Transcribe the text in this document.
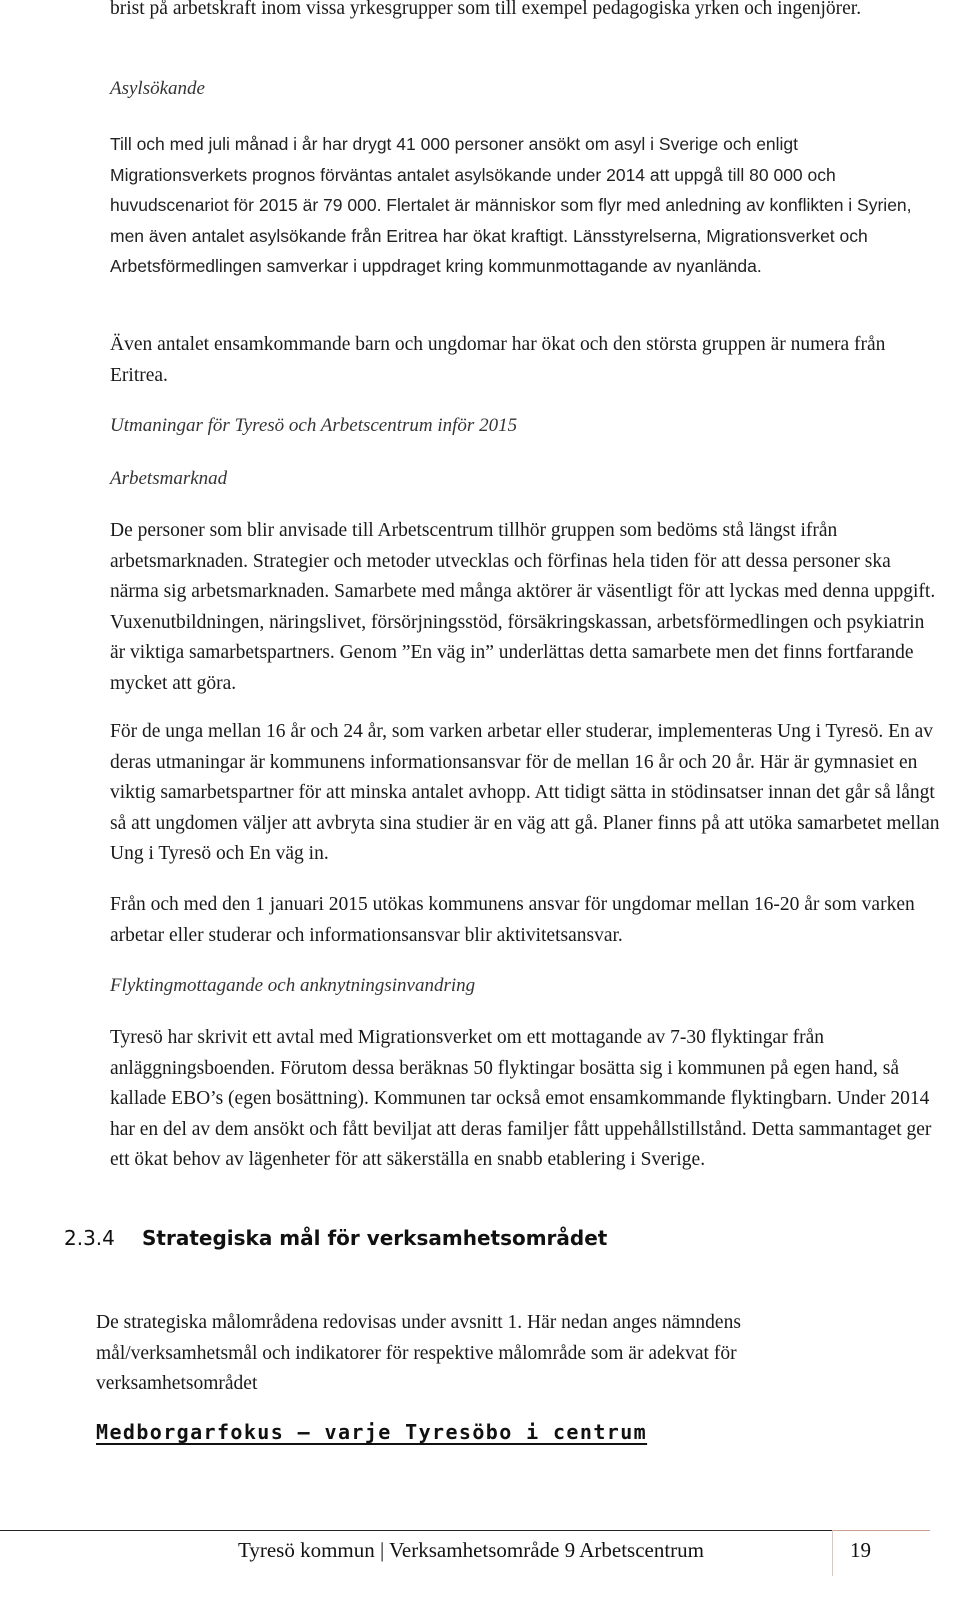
brist på arbetskraft inom vissa yrkesgrupper som till exempel pedagogiska yrken och ingenjörer.

Asylsökande

Till och med juli månad i år har drygt 41 000 personer ansökt om asyl i Sverige och enligt Migrationsverkets prognos förväntas antalet asylsökande under 2014 att uppgå till 80 000 och huvudscenariot för 2015 är 79 000. Flertalet är människor som flyr med anledning av konflikten i Syrien, men även antalet asylsökande från Eritrea har ökat kraftigt. Länsstyrelserna, Migrationsverket och Arbetsförmedlingen samverkar i uppdraget kring kommunmottagande av nyanlända.

Även antalet ensamkommande barn och ungdomar har ökat och den största gruppen är numera från Eritrea.

Utmaningar för Tyresö och Arbetscentrum inför 2015
Arbetsmarknad

De personer som blir anvisade till Arbetscentrum tillhör gruppen som bedöms stå längst ifrån arbetsmarknaden. Strategier och metoder utvecklas och förfinas hela tiden för att dessa personer ska närma sig arbetsmarknaden. Samarbete med många aktörer är väsentligt för att lyckas med denna uppgift. Vuxenutbildningen, näringslivet, försörjningsstöd, försäkringskassan, arbetsförmedlingen och psykiatrin är viktiga samarbetspartners. Genom ”En väg in” underlättas detta samarbete men det finns fortfarande mycket att göra.

För de unga mellan 16 år och 24 år, som varken arbetar eller studerar, implementeras Ung i Tyresö. En av deras utmaningar är kommunens informationsansvar för de mellan 16 år och 20 år. Här är gymnasiet en viktig samarbetspartner för att minska antalet avhopp. Att tidigt sätta in stödinsatser innan det går så långt så att ungdomen väljer att avbryta sina studier är en väg att gå. Planer finns på att utöka samarbetet mellan Ung i Tyresö och En väg in.

Från och med den 1 januari 2015 utökas kommunens ansvar för ungdomar mellan 16-20 år som varken arbetar eller studerar och informationsansvar blir aktivitetsansvar.

Flyktingmottagande och anknytningsinvandring

Tyresö har skrivit ett avtal med Migrationsverket om ett mottagande av 7-30 flyktingar från anläggningsboenden. Förutom dessa beräknas 50 flyktingar bosätta sig i kommunen på egen hand, så kallade EBO’s (egen bosättning). Kommunen tar också emot ensamkommande flyktingbarn. Under 2014 har en del av dem ansökt och fått beviljat att deras familjer fått uppehållstillstånd. Detta sammantaget ger ett ökat behov av lägenheter för att säkerställa en snabb etablering i Sverige.

2.3.4 Strategiska mål för verksamhetsområdet

De strategiska målområdena redovisas under avsnitt 1. Här nedan anges nämndens mål/verksamhetsmål och indikatorer för respektive målområde som är adekvat för verksamhetsområdet

Medborgarfokus – varje Tyresöbo i centrum

Tyresö kommun | Verksamhetsområde 9 Arbetscentrum	19
